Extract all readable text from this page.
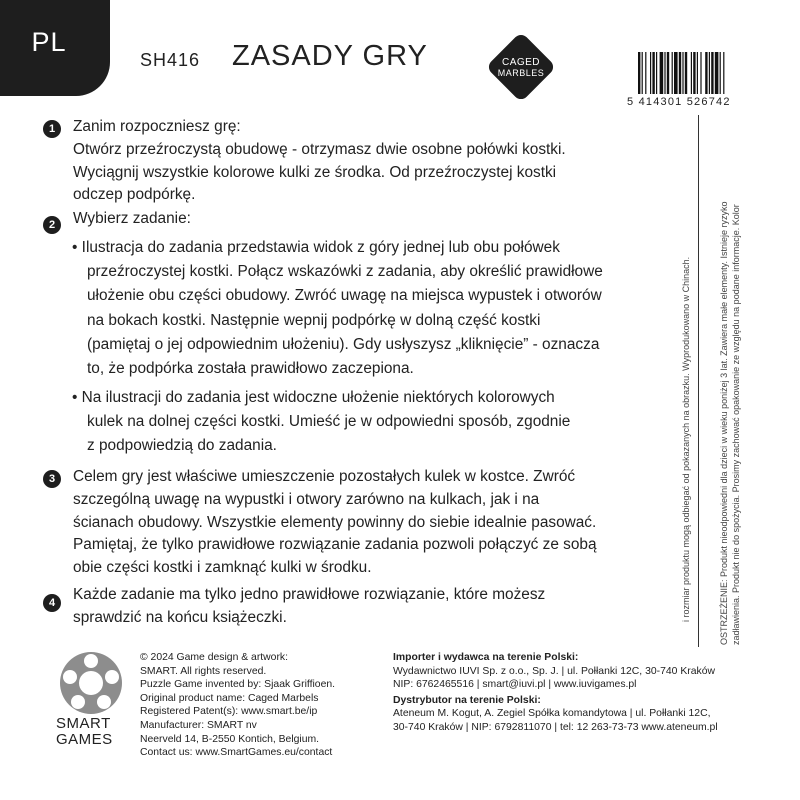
PL
SH416 ZASADY GRY	CAGED
MARBLES
5 414301 526742
1	Zanim rozpoczniesz grę:

Otwórz przeźroczystą obudowę - otrzymasz dwie osobne połówki kostki.

Wyciągnij wszystkie kolorowe kulki ze środka. Od przeźroczystej kostki

odczep podpórkę.

2	Wybierz zadanie:

• Ilustracja do zadania przedstawia widok z góry jednej lub obu połówek
przeźroczystej kostki. Połącz wskazówki z zadania, aby określić prawidłowe
ułożenie obu części obudowy. Zwróć uwagę na miejsca wypustek i otworów
na bokach kostki. Następnie wepnij podpórkę w dolną część kostki
(pamiętaj o jej odpowiednim ułożeniu). Gdy usłyszysz „kliknięcie” - oznacza
to, że podpórka została prawidłowo zaczepiona.
• Na ilustracji do zadania jest widoczne ułożenie niektórych kolorowych
kulek na dolnej części kostki. Umieść je w odpowiedni sposób, zgodnie
z podpowiedzią do zadania.
3	Celem gry jest właściwe umieszczenie pozostałych kulek w kostce. Zwróć

szczególną uwagę na wypustki i otwory zarówno na kulkach, jak i na

ścianach obudowy. Wszystkie elementy powinny do siebie idealnie pasować.

Pamiętaj, że tylko prawidłowe rozwiązanie zadania pozwoli połączyć ze sobą

obie części kostki i zamknąć kulki w środku.

4	Każde zadanie ma tylko jedno prawidłowe rozwiązanie, które możesz

sprawdzić na końcu książeczki.	i rozmiar produktu mogą odbiegać od pokazanych na obrazku. Wyprodukowano w Chinach.	OSTRZEŻENIE: Produkt nieodpowiedni dla dzieci w wieku poniżej 3 lat. Zawiera małe elementy. Istnieje ryzyko zadławienia. Produkt nie do spożycia. Prosimy zachować opakowanie ze względu na podane informacje. Kolor
SMART
GAMES
© 2024 Game design & artwork:
SMART. All rights reserved.
Puzzle Game invented by: Sjaak Griffioen.
Original product name: Caged Marbels
Registered Patent(s): www.smart.be/ip
Manufacturer: SMART nv
Neerveld 14, B-2550 Kontich, Belgium.
Contact us: www.SmartGames.eu/contact
Importer i wydawca na terenie Polski:
Wydawnictwo IUVI Sp. z o.o., Sp. J. | ul. Połłanki 12C, 30-740 Kraków
NIP: 6762465516 | smart@iuvi.pl | www.iuvigames.pl
Dystrybutor na terenie Polski:
Ateneum M. Kogut, A. Zegiel Spółka komandytowa | ul. Połłanki 12C,
30-740 Kraków | NIP: 6792811070 | tel: 12 263-73-73 www.ateneum.pl
